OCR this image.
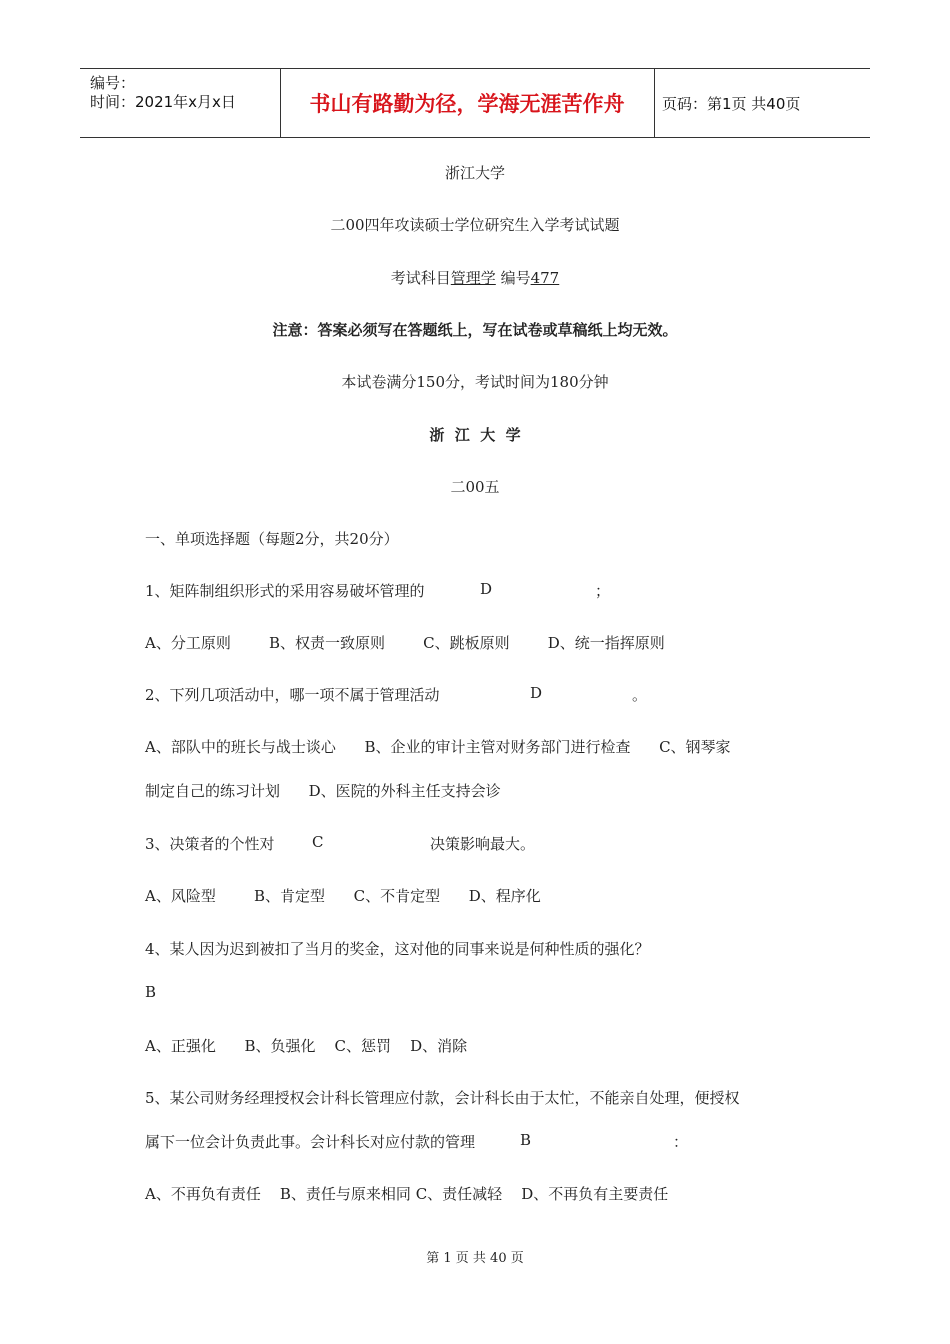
编号：
时间：2021年x月x日	书山有路勤为径，学海无涯苦作舟	页码：第1页 共40页
浙江大学
二00四年攻读硕士学位研究生入学考试试题
考试科目管理学 编号477
注意：答案必须写在答题纸上，写在试卷或草稿纸上均无效。
本试卷满分150分，考试时间为180分钟
浙  江  大  学
二00五
一、单项选择题（每题2分，共20分）
1、矩阵制组织形式的采用容易破坏管理的	D	；
A、分工原则        B、权责一致原则        C、跳板原则        D、统一指挥原则
2、下列几项活动中，哪一项不属于管理活动	D	。
A、部队中的班长与战士谈心      B、企业的审计主管对财务部门进行检查      C、钢琴家
制定自己的练习计划      D、医院的外科主任支持会诊
3、决策者的个性对 C	决策影响最大。
A、风险型        B、肯定型      C、不肯定型      D、程序化
4、某人因为迟到被扣了当月的奖金，这对他的同事来说是何种性质的强化？
B
A、正强化      B、负强化    C、惩罚    D、消除
5、某公司财务经理授权会计科长管理应付款，会计科长由于太忙，不能亲自处理，便授权
属下一位会计负责此事。会计科长对应付款的管理	B	：
A、不再负有责任    B、责任与原来相同 C、责任减轻    D、不再负有主要责任
第 1 页 共 40 页
